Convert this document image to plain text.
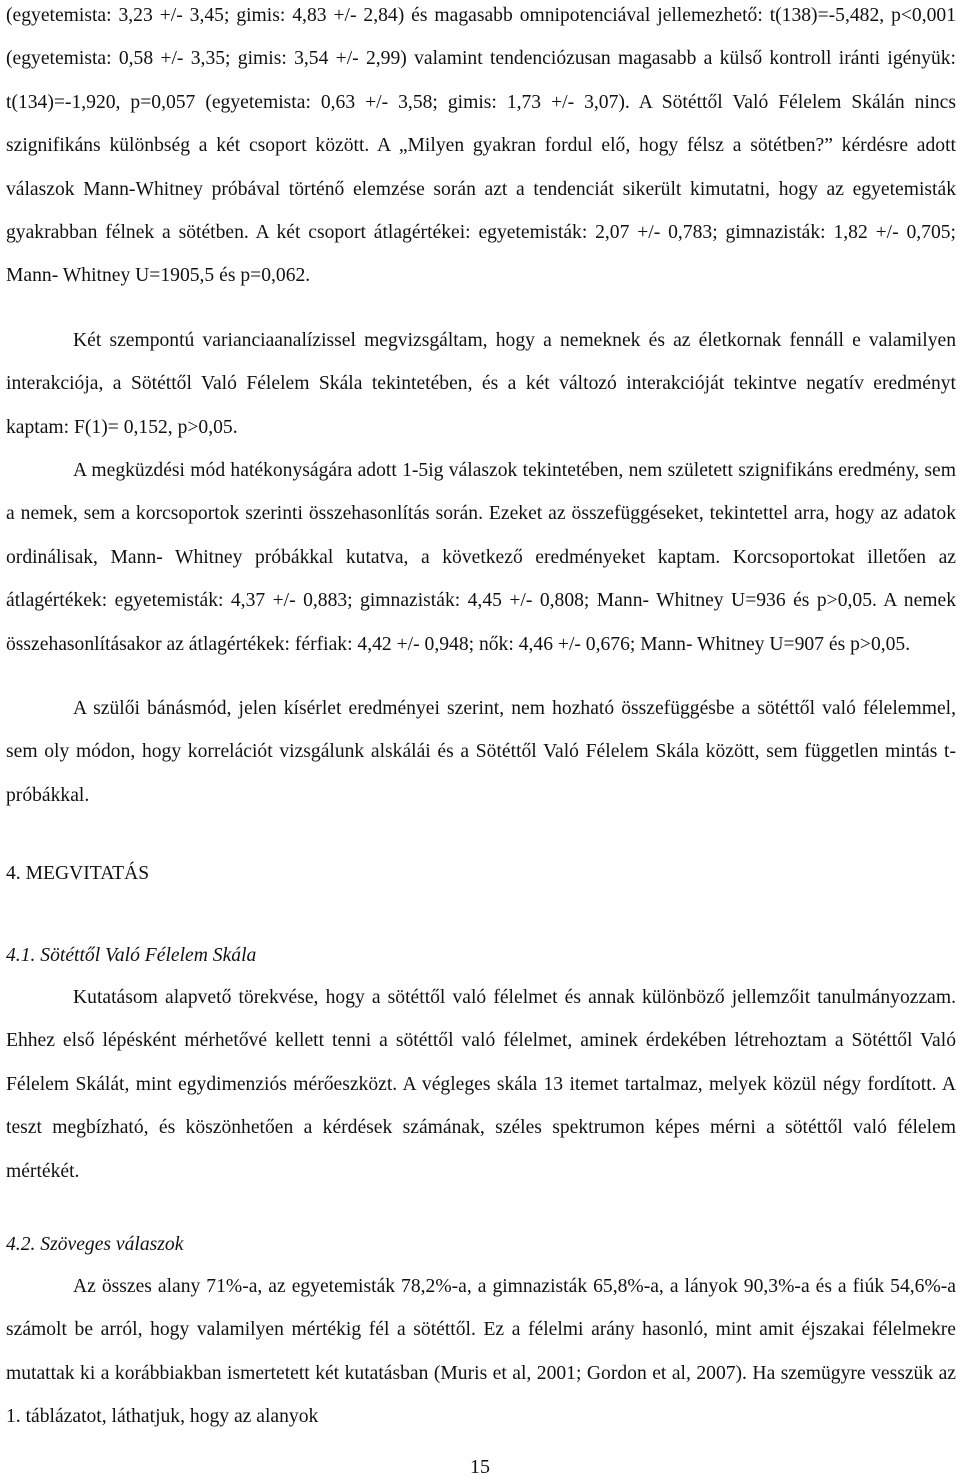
(egyetemista: 3,23 +/- 3,45; gimis: 4,83 +/- 2,84) és magasabb omnipotenciával jellemezhető: t(138)=-5,482, p<0,001 (egyetemista: 0,58 +/- 3,35; gimis: 3,54 +/- 2,99) valamint tendenciózusan magasabb a külső kontroll iránti igényük: t(134)=-1,920, p=0,057 (egyetemista: 0,63 +/- 3,58; gimis: 1,73 +/- 3,07). A Sötéttől Való Félelem Skálán nincs szignifikáns különbség a két csoport között. A „Milyen gyakran fordul elő, hogy félsz a sötétben?” kérdésre adott válaszok Mann-Whitney próbával történő elemzése során azt a tendenciát sikerült kimutatni, hogy az egyetemisták gyakrabban félnek a sötétben. A két csoport átlagértékei: egyetemisták: 2,07 +/- 0,783; gimnazisták: 1,82 +/- 0,705; Mann- Whitney U=1905,5 és p=0,062.

Két szempontú varianciaanalízissel megvizsgáltam, hogy a nemeknek és az életkornak fennáll e valamilyen interakciója, a Sötéttől Való Félelem Skála tekintetében, és a két változó interakcióját tekintve negatív eredményt kaptam: F(1)= 0,152, p>0,05.

A megküzdési mód hatékonyságára adott 1-5ig válaszok tekintetében, nem született szignifikáns eredmény, sem a nemek, sem a korcsoportok szerinti összehasonlítás során. Ezeket az összefüggéseket, tekintettel arra, hogy az adatok ordinálisak, Mann- Whitney próbákkal kutatva, a következő eredményeket kaptam. Korcsoportokat illetően az átlagértékek: egyetemisták: 4,37 +/- 0,883; gimnazisták: 4,45 +/- 0,808; Mann- Whitney U=936 és p>0,05. A nemek összehasonlításakor az átlagértékek: férfiak: 4,42 +/- 0,948; nők: 4,46 +/- 0,676; Mann- Whitney U=907 és p>0,05.

A szülői bánásmód, jelen kísérlet eredményei szerint, nem hozható összefüggésbe a sötéttől való félelemmel, sem oly módon, hogy korrelációt vizsgálunk alskálái és a Sötéttől Való Félelem Skála között, sem független mintás t-próbákkal.

4. MEGVITATÁS
4.1. Sötéttől Való Félelem Skála

Kutatásom alapvető törekvése, hogy a sötéttől való félelmet és annak különböző jellemzőit tanulmányozzam. Ehhez első lépésként mérhetővé kellett tenni a sötéttől való félelmet, aminek érdekében létrehoztam a Sötéttől Való Félelem Skálát, mint egydimenziós mérőeszközt. A végleges skála 13 itemet tartalmaz, melyek közül négy fordított. A teszt megbízható, és köszönhetően a kérdések számának, széles spektrumon képes mérni a sötéttől való félelem mértékét.

4.2. Szöveges válaszok

Az összes alany 71%-a, az egyetemisták 78,2%-a, a gimnazisták 65,8%-a, a lányok 90,3%-a és a fiúk 54,6%-a számolt be arról, hogy valamilyen mértékig fél a sötéttől. Ez a félelmi arány hasonló, mint amit éjszakai félelmekre mutattak ki a korábbiakban ismertetett két kutatásban (Muris et al, 2001; Gordon et al, 2007). Ha szemügyre vesszük az 1. táblázatot, láthatjuk, hogy az alanyok

15
